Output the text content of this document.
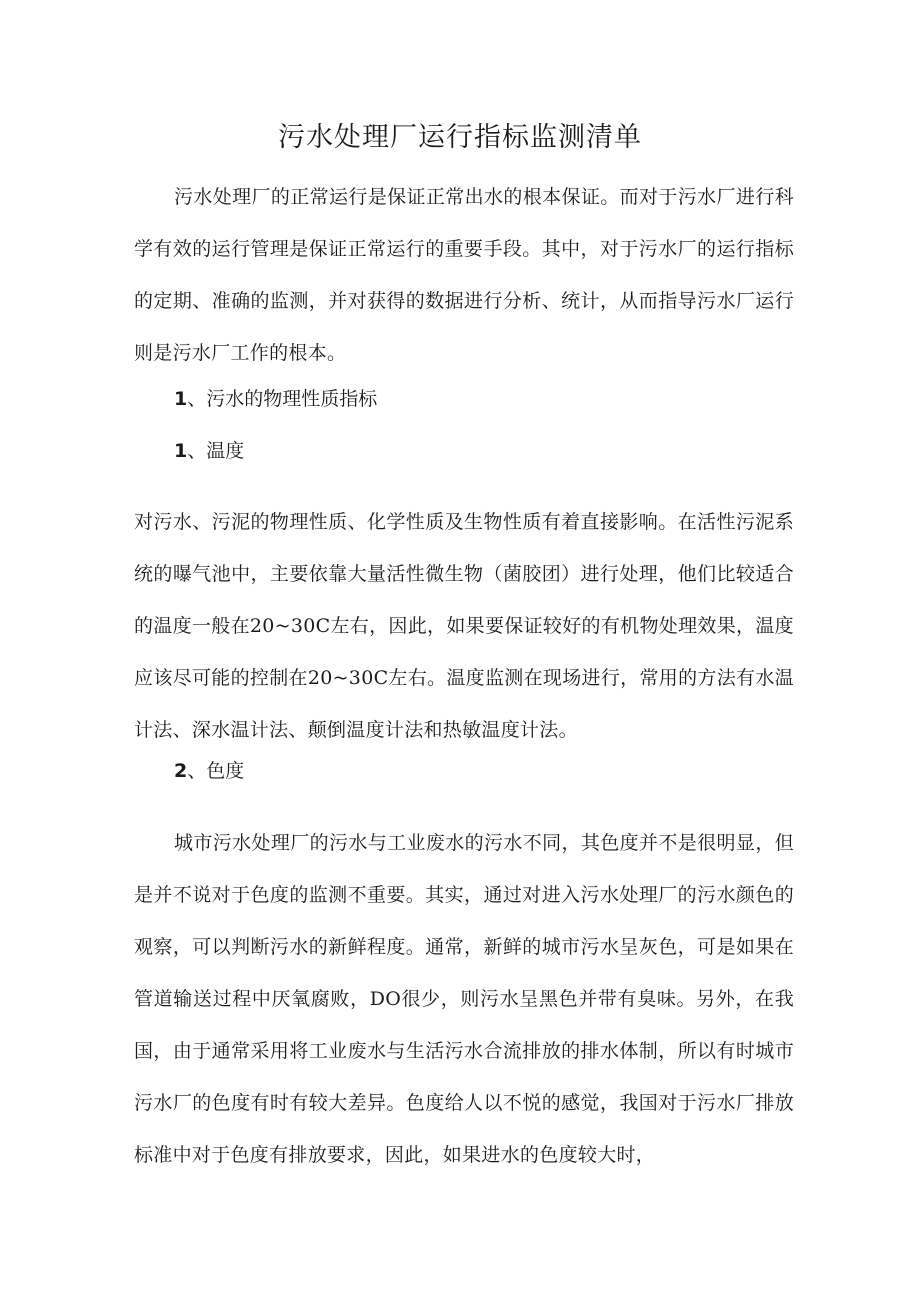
污水处理厂运行指标监测清单

污水处理厂的正常运行是保证正常出水的根本保证。而对于污水厂进行科学有效的运行管理是保证正常运行的重要手段。其中，对于污水厂的运行指标的定期、准确的监测，并对获得的数据进行分析、统计，从而指导污水厂运行则是污水厂工作的根本。

1、污水的物理性质指标
1、温度

对污水、污泥的物理性质、化学性质及生物性质有着直接影响。在活性污泥系统的曝气池中，主要依靠大量活性微生物（菌胶团）进行处理，他们比较适合的温度一般在20~30C左右，因此，如果要保证较好的有机物处理效果，温度应该尽可能的控制在20~30C左右。温度监测在现场进行，常用的方法有水温计法、深水温计法、颠倒温度计法和热敏温度计法。

2、色度

城市污水处理厂的污水与工业废水的污水不同，其色度并不是很明显，但是并不说对于色度的监测不重要。其实，通过对进入污水处理厂的污水颜色的观察，可以判断污水的新鲜程度。通常，新鲜的城市污水呈灰色，可是如果在管道输送过程中厌氧腐败，DO很少，则污水呈黑色并带有臭味。另外，在我国，由于通常采用将工业废水与生活污水合流排放的排水体制，所以有时城市污水厂的色度有时有较大差异。色度给人以不悦的感觉，我国对于污水厂排放标准中对于色度有排放要求，因此，如果进水的色度较大时，
